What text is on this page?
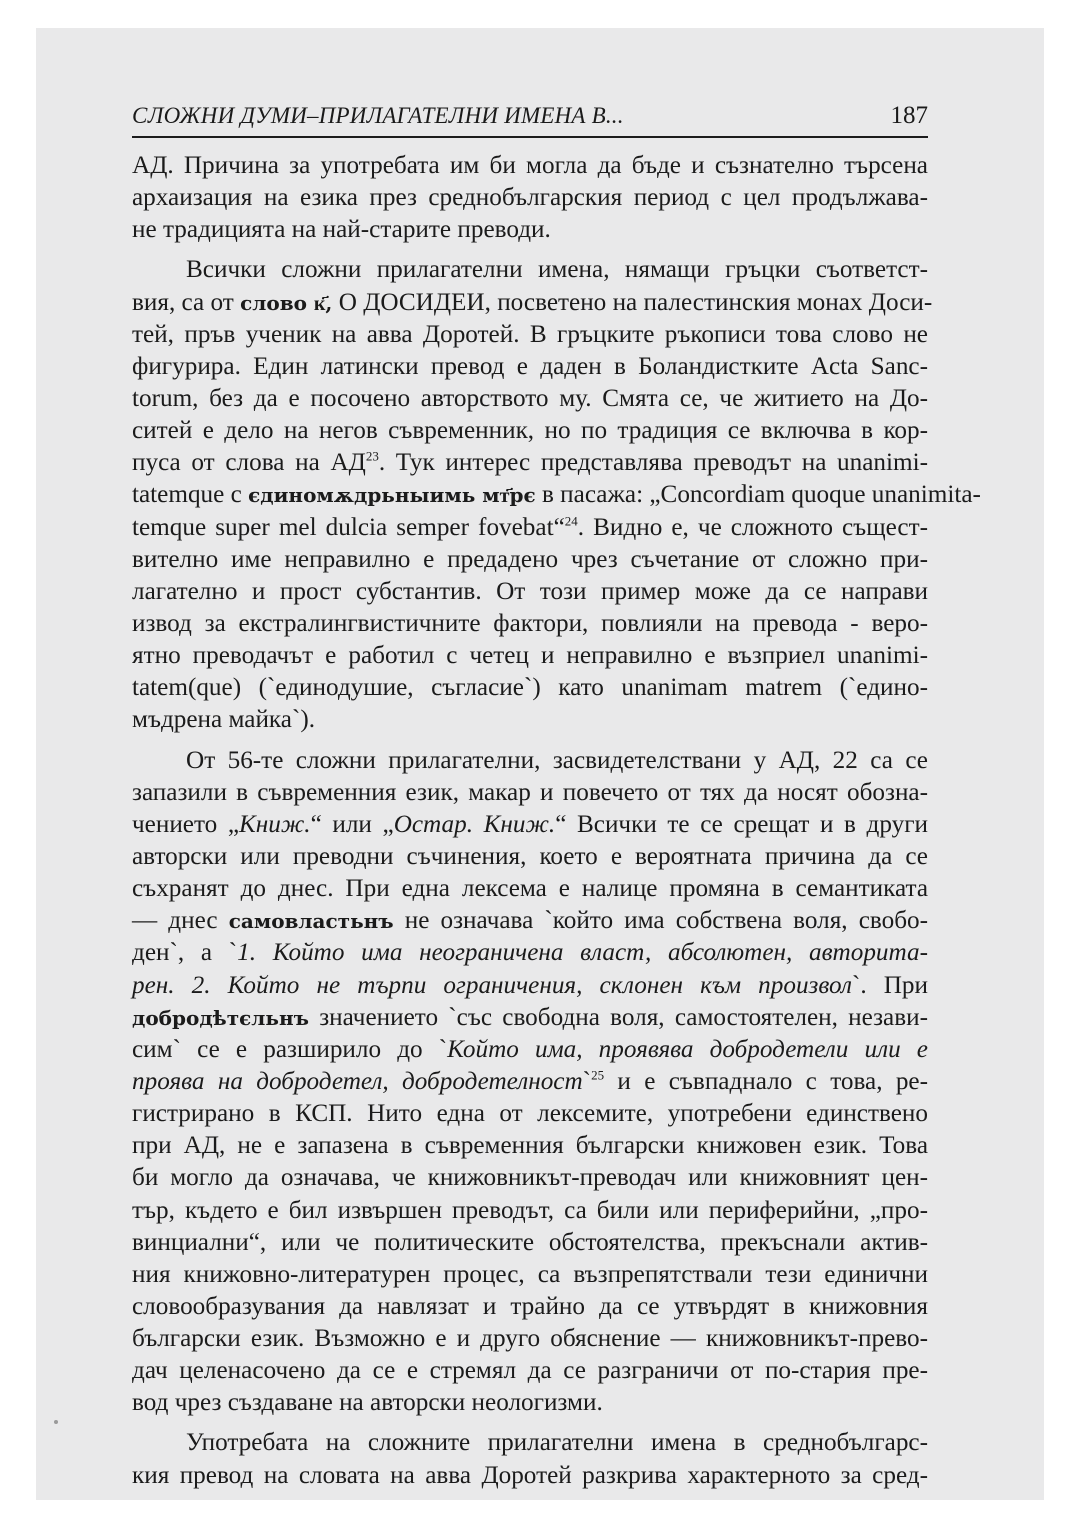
СЛОЖНИ ДУМИ–ПРИЛАГАТЕЛНИ ИМЕНА В...	187
АД. Причина за употребата им би могла да бъде и съзнателно търсена
архаизация на езика през среднобългарския период с цел продължава-
не традицията на най-старите преводи.
Всички сложни прилагателни имена, нямащи гръцки съответст-
вия, са от слово к҃, О ДОСИДЕИ, посветено на палестинския монах Доси-
тей, пръв ученик на авва Доротей. В гръцките ръкописи това слово не
фигурира. Един латински превод е даден в Боландистките Acta Sanc-
torum, без да е посочено авторството му. Смята се, че житието на До-
ситей е дело на негов съвременник, но по традиция се включва в кор-
пуса от слова на АД$^{23}$. Тук интерес представлява преводът на unanimi-
tatemque с єдиномѫдрьныимь мт҃рє в пасажа: „Concordiam quoque unanimita-
temque super mel dulcia semper fovebat“$^{24}$. Видно е, че сложното същест-
вително име неправилно е предадено чрез съчетание от сложно при-
лагателно и прост субстантив. От този пример може да се направи
извод за екстралингвистичните фактори, повлияли на превода - веро-
ятно преводачът е работил с четец и неправилно е възприел unanimi-
tatem(que) (`единодушие, съгласие`) като unanimam matrem (`едино-
мъдрена майка`).
От 56-те сложни прилагателни, засвидетелствани у АД, 22 са се
запазили в съвременния език, макар и повечето от тях да носят обозна-
чението „Книж.“ или „Остар. Книж.“ Всички те се срещат и в други
авторски или преводни съчинения, което е вероятната причина да се
съхранят до днес. При една лексема е налице промяна в семантиката
— днес самовластьнъ не означава `който има собствена воля, свобо-
ден`, а `1. Който има неограничена власт, абсолютен, авторита-
рен. 2. Който не търпи ограничения, склонен към произвол`. При
добродѣтєльнъ значението `със свободна воля, самостоятелен, незави-
сим` се е разширило до `Който има, проявява добродетели или е
проява на добродетел, добродетелност`$^{25}$ и е съвпаднало с това, ре-
гистрирано в КСП. Нито една от лексемите, употребени единствено
при АД, не е запазена в съвременния български книжовен език. Това
би могло да означава, че книжовникът-преводач или книжовният цен-
тър, където е бил извършен преводът, са били или периферийни, „про-
винциални“, или че политическите обстоятелства, прекъснали актив-
ния книжовно-литературен процес, са възпрепятствали тези единични
словообразувания да навлязат и трайно да се утвърдят в книжовния
български език. Възможно е и друго обяснение — книжовникът-прево-
дач целенасочено да се е стремял да се разграничи от по-стария пре-
вод чрез създаване на авторски неологизми.
Употребата на сложните прилагателни имена в среднобългарс-
кия превод на словата на авва Доротей разкрива характерното за сред-
